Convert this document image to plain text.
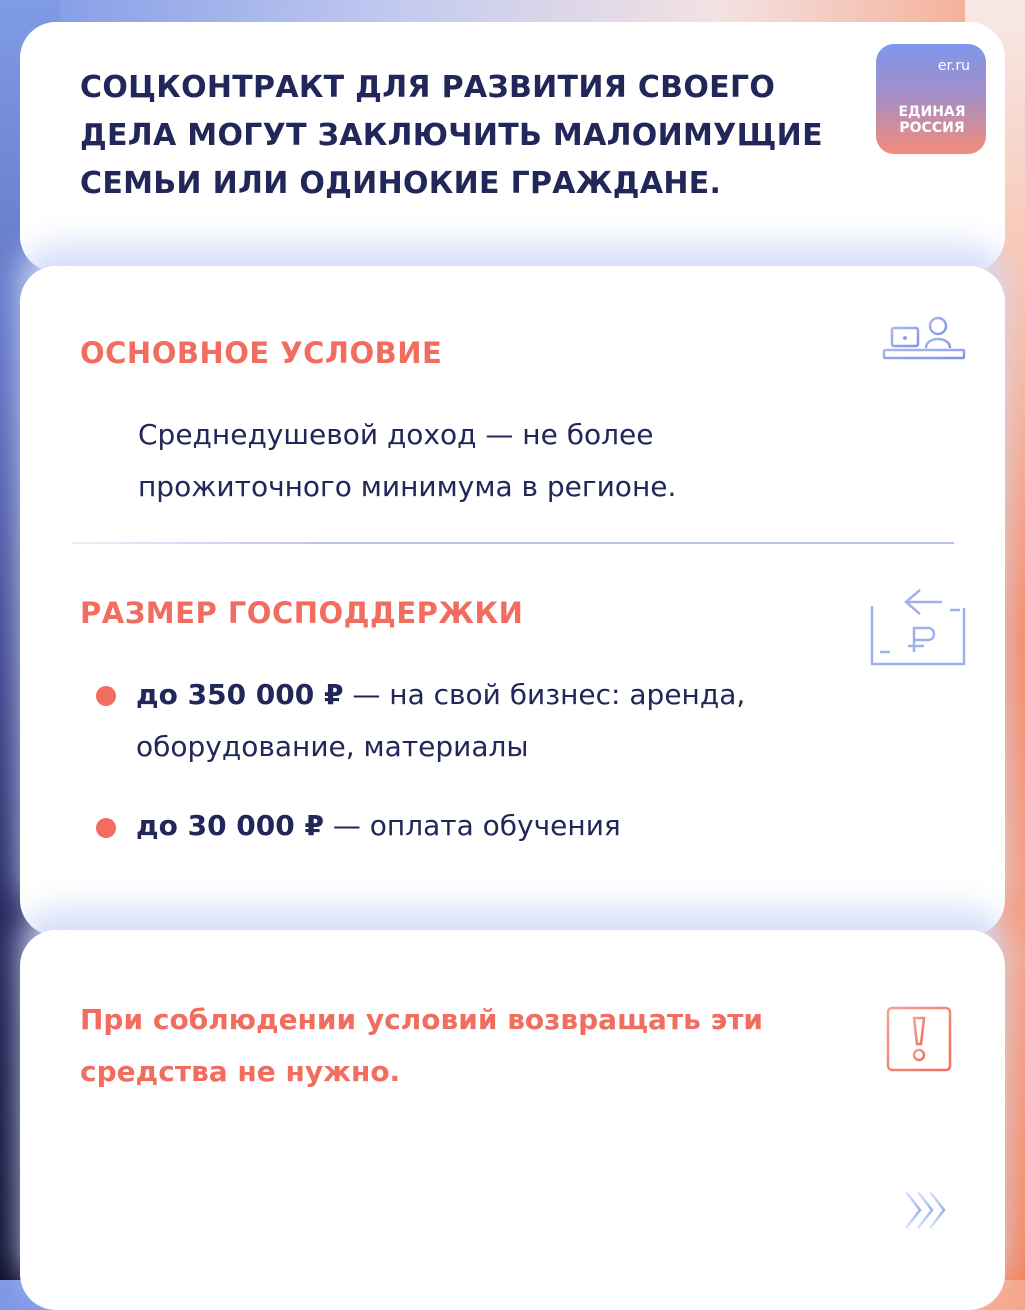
СОЦКОНТРАКТ ДЛЯ РАЗВИТИЯ СВОЕГО ДЕЛА МОГУТ ЗАКЛЮЧИТЬ МАЛОИМУЩИЕ СЕМЬИ ИЛИ ОДИНОКИЕ ГРАЖДАНЕ.
er.ru
ЕДИНАЯ РОССИЯ
ОСНОВНОЕ УСЛОВИЕ
Среднедушевой доход — не более прожиточного минимума в регионе.
РАЗМЕР ГОСПОДДЕРЖКИ
до 350 000 ₽ — на свой бизнес: аренда, оборудование, материалы
до 30 000 ₽ — оплата обучения
При соблюдении условий возвращать эти средства не нужно.
